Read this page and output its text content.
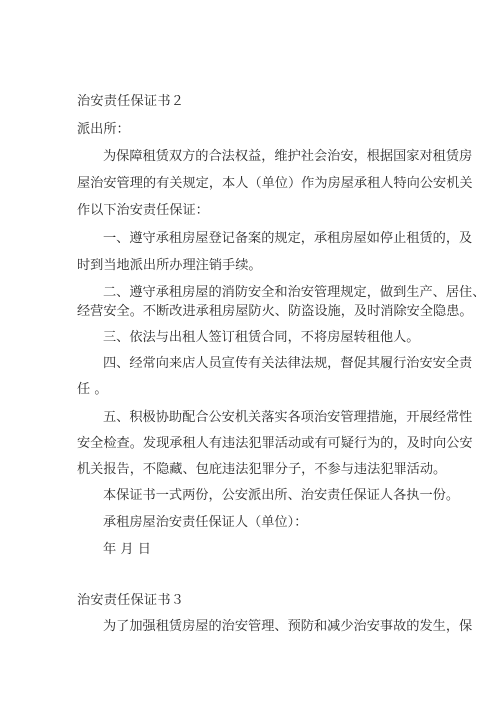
治安责任保证书２
派出所：
为保障租赁双方的合法权益，维护社会治安，根据国家对租赁房
屋治安管理的有关规定，本人（单位）作为房屋承租人特向公安机关
作以下治安责任保证：
一、遵守承租房屋登记备案的规定，承租房屋如停止租赁的，及
时到当地派出所办理注销手续。
二、遵守承租房屋的消防安全和治安管理规定，做到生产、居住、
经营安全。不断改进承租房屋防火、防盗设施，及时消除安全隐患。
三、依法与出租人签订租赁合同，不将房屋转租他人。
四、经常向来店人员宣传有关法律法规，督促其履行治安安全责
任 。
五、积极协助配合公安机关落实各项治安管理措施，开展经常性
安全检查。发现承租人有违法犯罪活动或有可疑行为的，及时向公安
机关报告，不隐藏、包庇违法犯罪分子，不参与违法犯罪活动。
本保证书一式两份，公安派出所、治安责任保证人各执一份。
承租房屋治安责任保证人（单位）：
年 月 日
治安责任保证书３
为了加强租赁房屋的治安管理、预防和减少治安事故的发生，保
